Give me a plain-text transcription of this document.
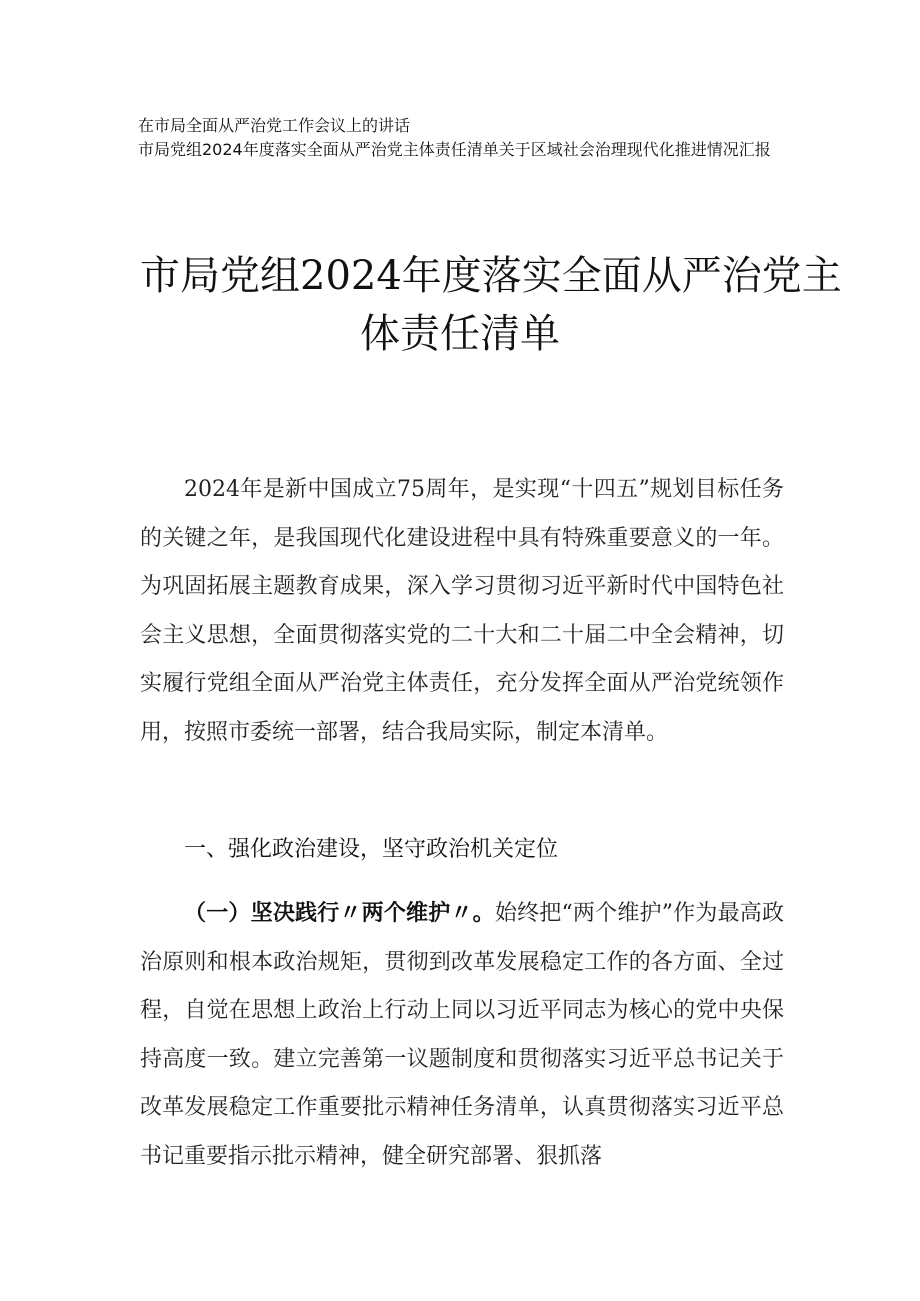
在市局全面从严治党工作会议上的讲话
市局党组2024年度落实全面从严治党主体责任清单关于区域社会治理现代化推进情况汇报
市局党组2024年度落实全面从严治党主
体责任清单
2024年是新中国成立75周年，是实现“十四五”规划目标任务的关键之年，是我国现代化建设进程中具有特殊重要意义的一年。为巩固拓展主题教育成果，深入学习贯彻习近平新时代中国特色社会主义思想，全面贯彻落实党的二十大和二十届二中全会精神，切实履行党组全面从严治党主体责任，充分发挥全面从严治党统领作用，按照市委统一部署，结合我局实际，制定本清单。
一、强化政治建设，坚守政治机关定位
（一）坚决践行〃两个维护〃。始终把“两个维护”作为最高政治原则和根本政治规矩，贯彻到改革发展稳定工作的各方面、全过程，自觉在思想上政治上行动上同以习近平同志为核心的党中央保持高度一致。建立完善第一议题制度和贯彻落实习近平总书记关于改革发展稳定工作重要批示精神任务清单，认真贯彻落实习近平总书记重要指示批示精神，健全研究部署、狠抓落
